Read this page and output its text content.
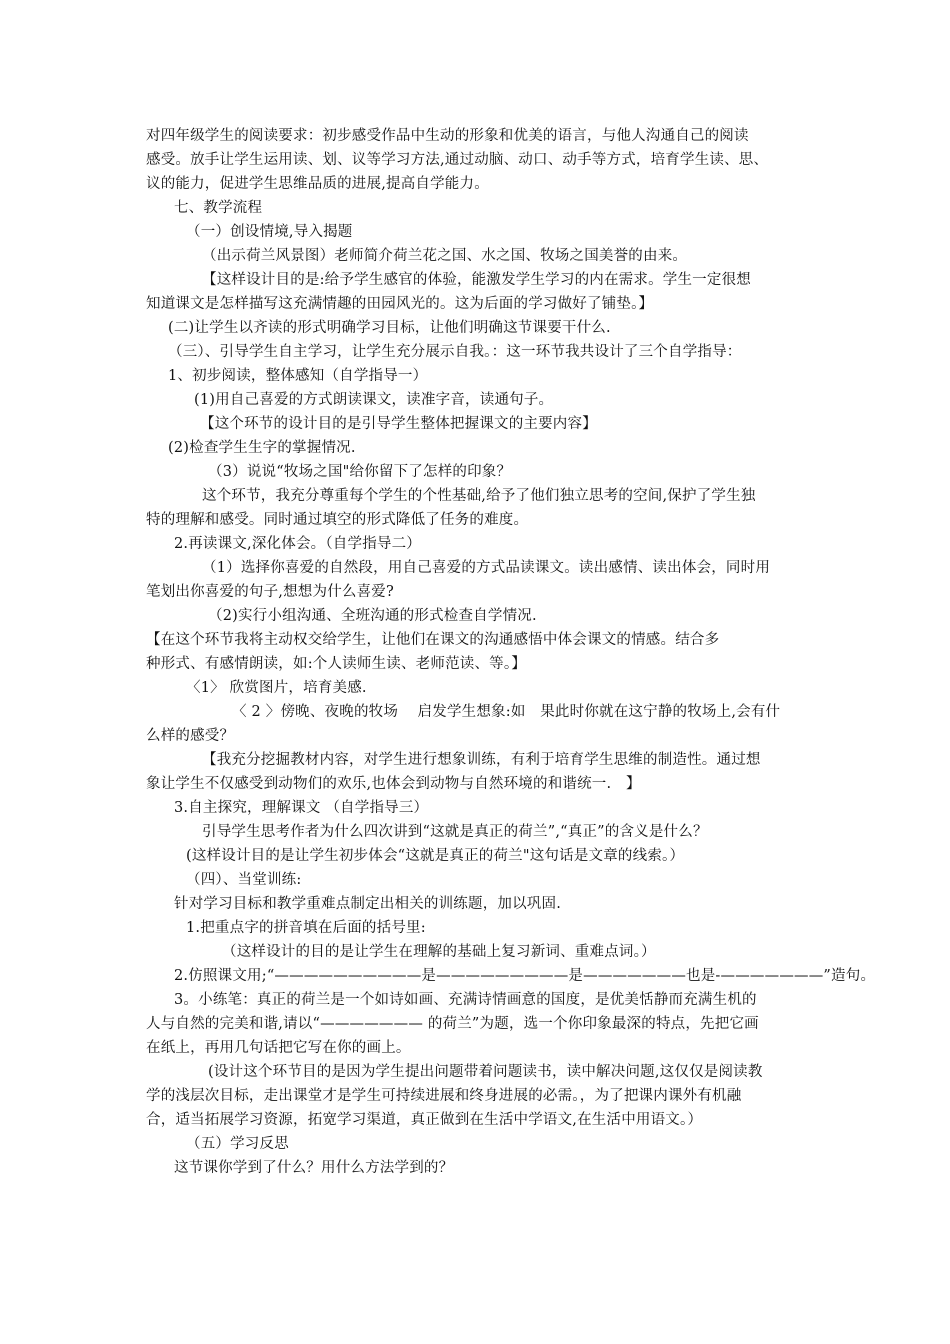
对四年级学生的阅读要求：初步感受作品中生动的形象和优美的语言，与他人沟通自己的阅读
感受。放手让学生运用读、划、议等学习方法,通过动脑、动口、动手等方式，培育学生读、思、
议的能力，促进学生思维品质的进展,提高自学能力。
七、教学流程
（一）创设情境,导入揭题
（出示荷兰风景图）老师简介荷兰花之国、水之国、牧场之国美誉的由来。
【这样设计目的是:给予学生感官的体验，能激发学生学习的内在需求。学生一定很想
知道课文是怎样描写这充满情趣的田园风光的。这为后面的学习做好了铺垫。】
(二)让学生以齐读的形式明确学习目标，让他们明确这节课要干什么.
（三）、引导学生自主学习，让学生充分展示自我。：这一环节我共设计了三个自学指导：
1、初步阅读，整体感知（自学指导一）
(1)用自己喜爱的方式朗读课文，读准字音，读通句子。
【这个环节的设计目的是引导学生整体把握课文的主要内容】
(2)检查学生生字的掌握情况.
（3）说说“牧场之国"给你留下了怎样的印象？
这个环节，我充分尊重每个学生的个性基础,给予了他们独立思考的空间,保护了学生独
特的理解和感受。同时通过填空的形式降低了任务的难度。
2.再读课文,深化体会。（自学指导二）
（1）选择你喜爱的自然段，用自己喜爱的方式品读课文。读出感情、读出体会，同时用
笔划出你喜爱的句子,想想为什么喜爱?
（2)实行小组沟通、全班沟通的形式检查自学情况.
【在这个环节我将主动权交给学生，让他们在课文的沟通感悟中体会课文的情感。结合多
种形式、有感情朗读，如:个人读师生读、老师范读、等。】
〈1〉 欣赏图片，培育美感.
〈 2 〉傍晚、夜晚的牧场　 启发学生想象:如　果此时你就在这宁静的牧场上,会有什
么样的感受？
【我充分挖掘教材内容，对学生进行想象训练，有利于培育学生思维的制造性。通过想
象让学生不仅感受到动物们的欢乐,也体会到动物与自然环境的和谐统一.　】
3.自主探究，理解课文 （自学指导三）
引导学生思考作者为什么四次讲到“这就是真正的荷兰”,“真正”的含义是什么？
(这样设计目的是让学生初步体会“这就是真正的荷兰"这句话是文章的线索。）
（四）、当堂训练:
针对学习目标和教学重难点制定出相关的训练题，加以巩固.
1.把重点字的拼音填在后面的括号里:
（这样设计的目的是让学生在理解的基础上复习新词、重难点词。）
2.仿照课文用;“——————————是—————————是———————也是-———————”造句。
3。小练笔：真正的荷兰是一个如诗如画、充满诗情画意的国度，是优美恬静而充满生机的
人与自然的完美和谐,请以“——————— 的荷兰”为题，选一个你印象最深的特点，先把它画
在纸上，再用几句话把它写在你的画上。
(设计这个环节目的是因为学生提出问题带着问题读书，读中解决问题,这仅仅是阅读教
学的浅层次目标，走出课堂才是学生可持续进展和终身进展的必需。，为了把课内课外有机融
合，适当拓展学习资源，拓宽学习渠道，真正做到在生活中学语文,在生活中用语文。）
（五）学习反思
这节课你学到了什么？用什么方法学到的？
